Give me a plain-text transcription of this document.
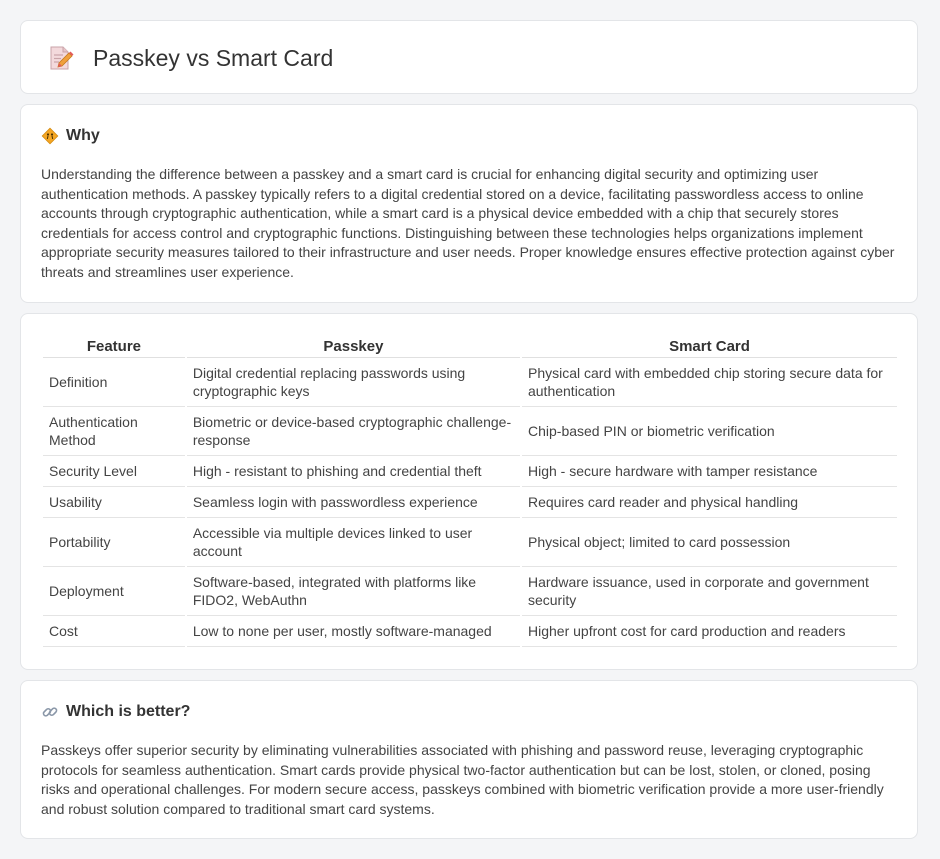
Passkey vs Smart Card
Why

Understanding the difference between a passkey and a smart card is crucial for enhancing digital security and optimizing user authentication methods. A passkey typically refers to a digital credential stored on a device, facilitating passwordless access to online accounts through cryptographic authentication, while a smart card is a physical device embedded with a chip that securely stores credentials for access control and cryptographic functions. Distinguishing between these technologies helps organizations implement appropriate security measures tailored to their infrastructure and user needs. Proper knowledge ensures effective protection against cyber threats and streamlines user experience.

Feature	Passkey	Smart Card
Definition	Digital credential replacing passwords using cryptographic keys	Physical card with embedded chip storing secure data for authentication
Authentication Method	Biometric or device-based cryptographic challenge-response	Chip-based PIN or biometric verification
Security Level	High - resistant to phishing and credential theft	High - secure hardware with tamper resistance
Usability	Seamless login with passwordless experience	Requires card reader and physical handling
Portability	Accessible via multiple devices linked to user account	Physical object; limited to card possession
Deployment	Software-based, integrated with platforms like FIDO2, WebAuthn	Hardware issuance, used in corporate and government security
Cost	Low to none per user, mostly software-managed	Higher upfront cost for card production and readers
Which is better?

Passkeys offer superior security by eliminating vulnerabilities associated with phishing and password reuse, leveraging cryptographic protocols for seamless authentication. Smart cards provide physical two-factor authentication but can be lost, stolen, or cloned, posing risks and operational challenges. For modern secure access, passkeys combined with biometric verification provide a more user-friendly and robust solution compared to traditional smart card systems.
